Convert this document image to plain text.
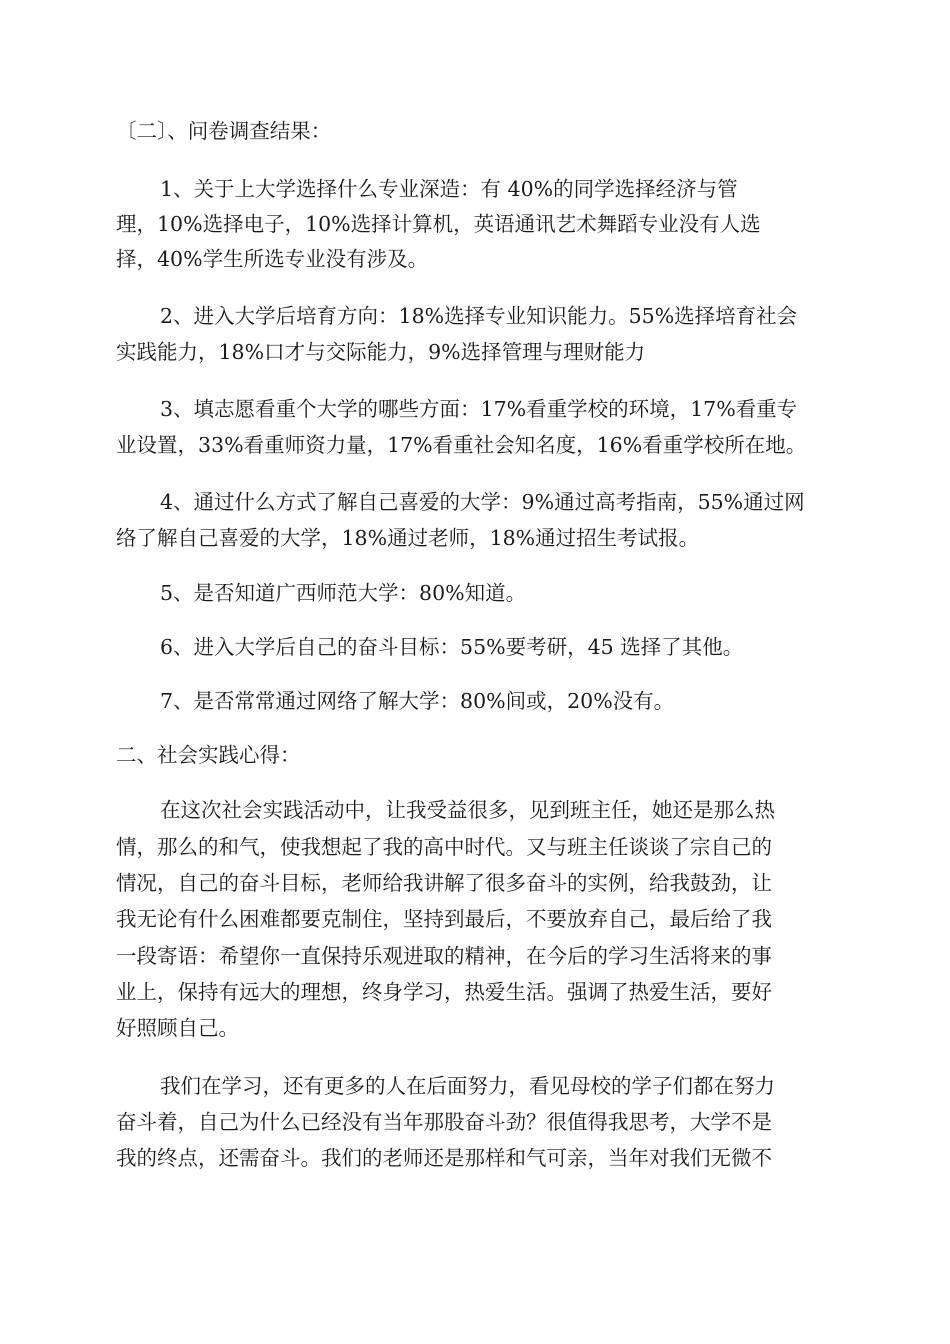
〔二〕、问卷调查结果：

1、关于上大学选择什么专业深造：有 40%的同学选择经济与管

理，10%选择电子，10%选择计算机，英语通讯艺术舞蹈专业没有人选

择，40%学生所选专业没有涉及。

2、进入大学后培育方向：18%选择专业知识能力。55%选择培育社会

实践能力，18%口才与交际能力，9%选择管理与理财能力

3、填志愿看重个大学的哪些方面：17%看重学校的环境，17%看重专

业设置，33%看重师资力量，17%看重社会知名度，16%看重学校所在地。

4、通过什么方式了解自己喜爱的大学：9%通过高考指南，55%通过网

络了解自己喜爱的大学，18%通过老师，18%通过招生考试报。

5、是否知道广西师范大学：80%知道。

6、进入大学后自己的奋斗目标：55%要考研，45 选择了其他。

7、是否常常通过网络了解大学：80%间或，20%没有。

二、社会实践心得：

在这次社会实践活动中，让我受益很多，见到班主任，她还是那么热

情，那么的和气，使我想起了我的高中时代。又与班主任谈谈了宗自己的

情况，自己的奋斗目标，老师给我讲解了很多奋斗的实例，给我鼓劲，让

我无论有什么困难都要克制住，坚持到最后，不要放弃自己，最后给了我

一段寄语：希望你一直保持乐观进取的精神，在今后的学习生活将来的事

业上，保持有远大的理想，终身学习，热爱生活。强调了热爱生活，要好

好照顾自己。

我们在学习，还有更多的人在后面努力，看见母校的学子们都在努力

奋斗着，自己为什么已经没有当年那股奋斗劲？很值得我思考，大学不是

我的终点，还需奋斗。我们的老师还是那样和气可亲，当年对我们无微不
